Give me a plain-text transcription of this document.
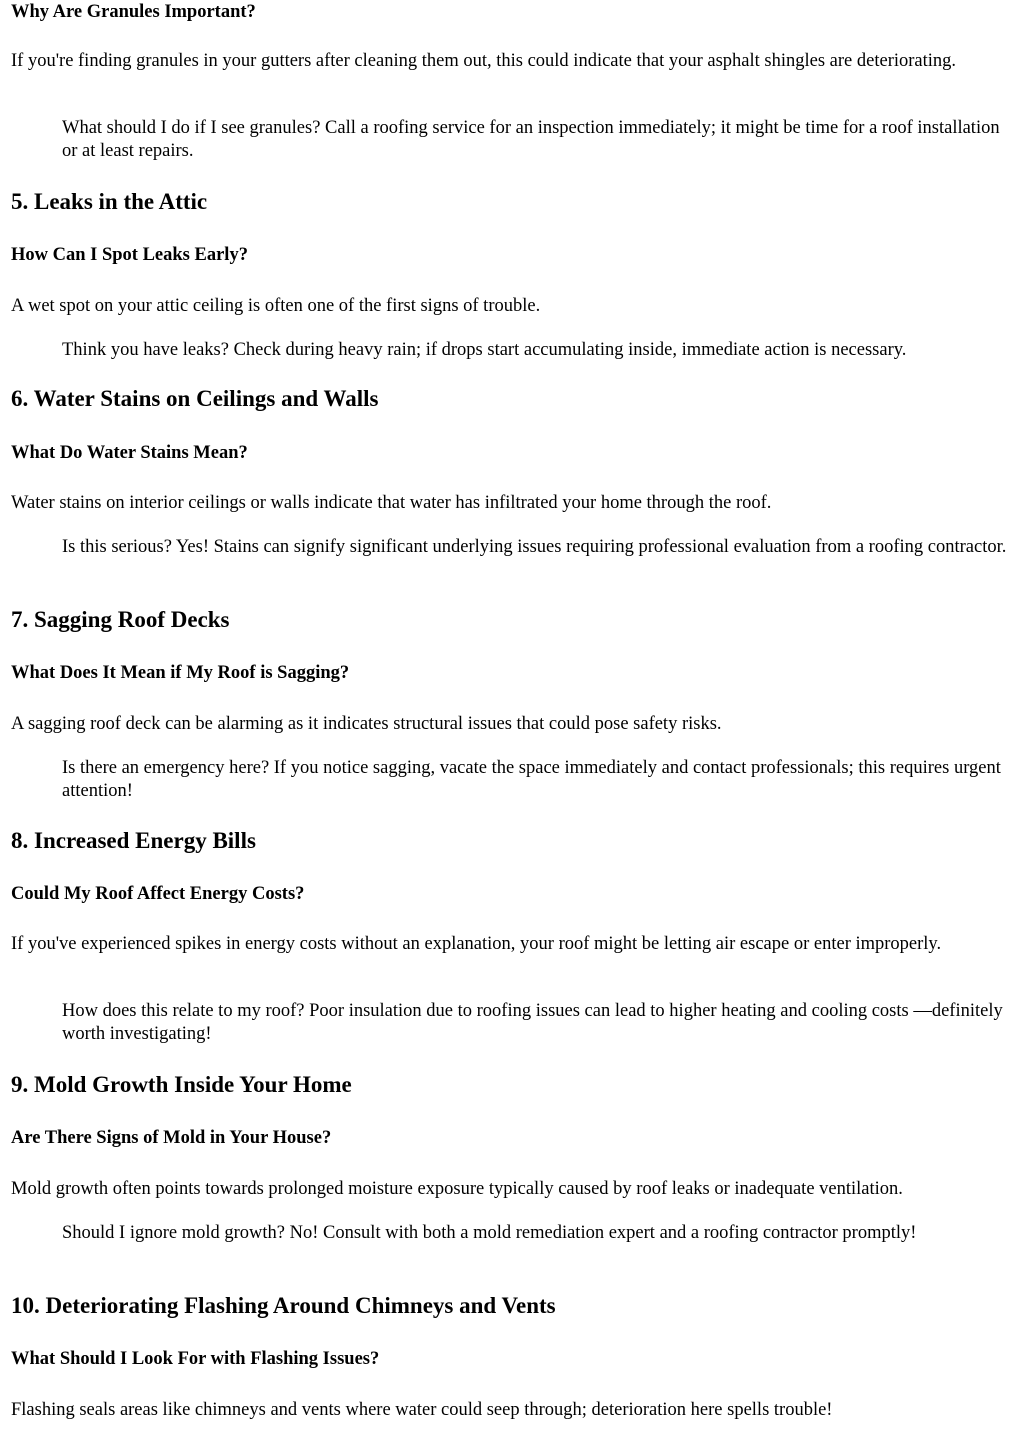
Why Are Granules Important?

If you're finding granules in your gutters after cleaning them out, this could indicate that your asphalt shingles are deteriorating.

What should I do if I see granules? Call a roofing service for an inspection immediately; it might be time for a roof installation or at least repairs.
5. Leaks in the Attic
How Can I Spot Leaks Early?

A wet spot on your attic ceiling is often one of the first signs of trouble.

Think you have leaks? Check during heavy rain; if drops start accumulating inside, immediate action is necessary.
6. Water Stains on Ceilings and Walls
What Do Water Stains Mean?

Water stains on interior ceilings or walls indicate that water has infiltrated your home through the roof.

Is this serious? Yes! Stains can signify significant underlying issues requiring professional evaluation from a roofing contractor.
7. Sagging Roof Decks
What Does It Mean if My Roof is Sagging?

A sagging roof deck can be alarming as it indicates structural issues that could pose safety risks.

Is there an emergency here? If you notice sagging, vacate the space immediately and contact professionals; this requires urgent attention!
8. Increased Energy Bills
Could My Roof Affect Energy Costs?

If you've experienced spikes in energy costs without an explanation, your roof might be letting air escape or enter improperly.

How does this relate to my roof? Poor insulation due to roofing issues can lead to higher heating and cooling costs —definitely worth investigating!
9. Mold Growth Inside Your Home
Are There Signs of Mold in Your House?

Mold growth often points towards prolonged moisture exposure typically caused by roof leaks or inadequate ventilation.

Should I ignore mold growth? No! Consult with both a mold remediation expert and a roofing contractor promptly!
10. Deteriorating Flashing Around Chimneys and Vents
What Should I Look For with Flashing Issues?

Flashing seals areas like chimneys and vents where water could seep through; deterioration here spells trouble!
